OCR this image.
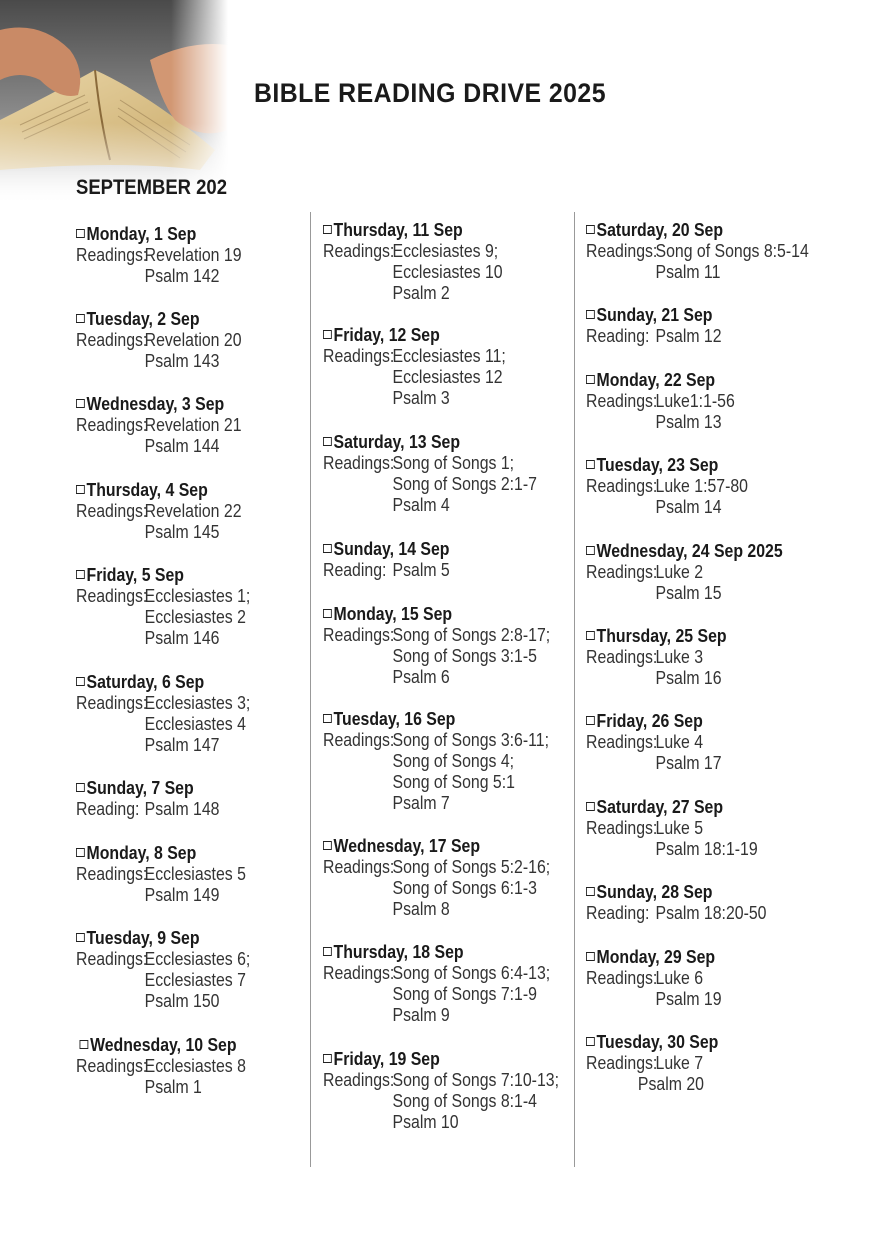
BIBLE READING DRIVE 2025
SEPTEMBER 202
Monday, 1 Sep
Readings:
Revelation 19
Psalm 142
Tuesday, 2 Sep
Readings:
Revelation 20
Psalm 143
Wednesday, 3 Sep
Readings:
Revelation 21
Psalm 144
Thursday, 4 Sep
Readings:
Revelation 22
Psalm 145
Friday, 5 Sep
Readings:
Ecclesiastes 1;
Ecclesiastes 2
Psalm 146
Saturday, 6 Sep
Readings:
Ecclesiastes 3;
Ecclesiastes 4
Psalm 147
Sunday, 7 Sep
Reading: Psalm 148
Monday, 8 Sep
Readings:
Ecclesiastes 5
Psalm 149
Tuesday, 9 Sep
Readings:
Ecclesiastes 6;
Ecclesiastes 7
Psalm 150
Wednesday, 10 Sep
Readings:
Ecclesiastes 8
Psalm 1
Thursday, 11 Sep
Readings:
Ecclesiastes 9;
Ecclesiastes 10
Psalm 2
Friday, 12 Sep
Readings:
Ecclesiastes 11;
Ecclesiastes 12
Psalm 3
Saturday, 13 Sep
Readings:
Song of Songs 1;
Song of Songs 2:1-7
Psalm 4
Sunday, 14 Sep
Reading: Psalm 5
Monday, 15 Sep
Readings:
Song of Songs 2:8-17;
Song of Songs 3:1-5
Psalm 6
Tuesday, 16 Sep
Readings:
Song of Songs 3:6-11;
Song of Songs 4;
Song of Song 5:1
Psalm 7
Wednesday, 17 Sep
Readings:
Song of Songs 5:2-16;
Song of Songs 6:1-3
Psalm 8
Thursday, 18 Sep
Readings:
Song of Songs 6:4-13;
Song of Songs 7:1-9
Psalm 9
Friday, 19 Sep
Readings:
Song of Songs 7:10-13;
Song of Songs 8:1-4
Psalm 10
Saturday, 20 Sep
Readings:
Song of Songs 8:5-14
Psalm 11
Sunday, 21 Sep
Reading: Psalm 12
Monday, 22 Sep
Readings:
Luke1:1-56
Psalm 13
Tuesday, 23 Sep
Readings:
Luke 1:57-80
Psalm 14
Wednesday, 24 Sep 2025
Readings:
Luke 2
Psalm 15
Thursday, 25 Sep
Readings:
Luke 3
Psalm 16
Friday, 26 Sep
Readings:
Luke 4
Psalm 17
Saturday, 27 Sep
Readings:
Luke 5
Psalm 18:1-19
Sunday, 28 Sep
Reading: Psalm 18:20-50
Monday, 29 Sep
Readings:
Luke 6
Psalm 19
Tuesday, 30 Sep
Readings:
Luke 7
Psalm 20
